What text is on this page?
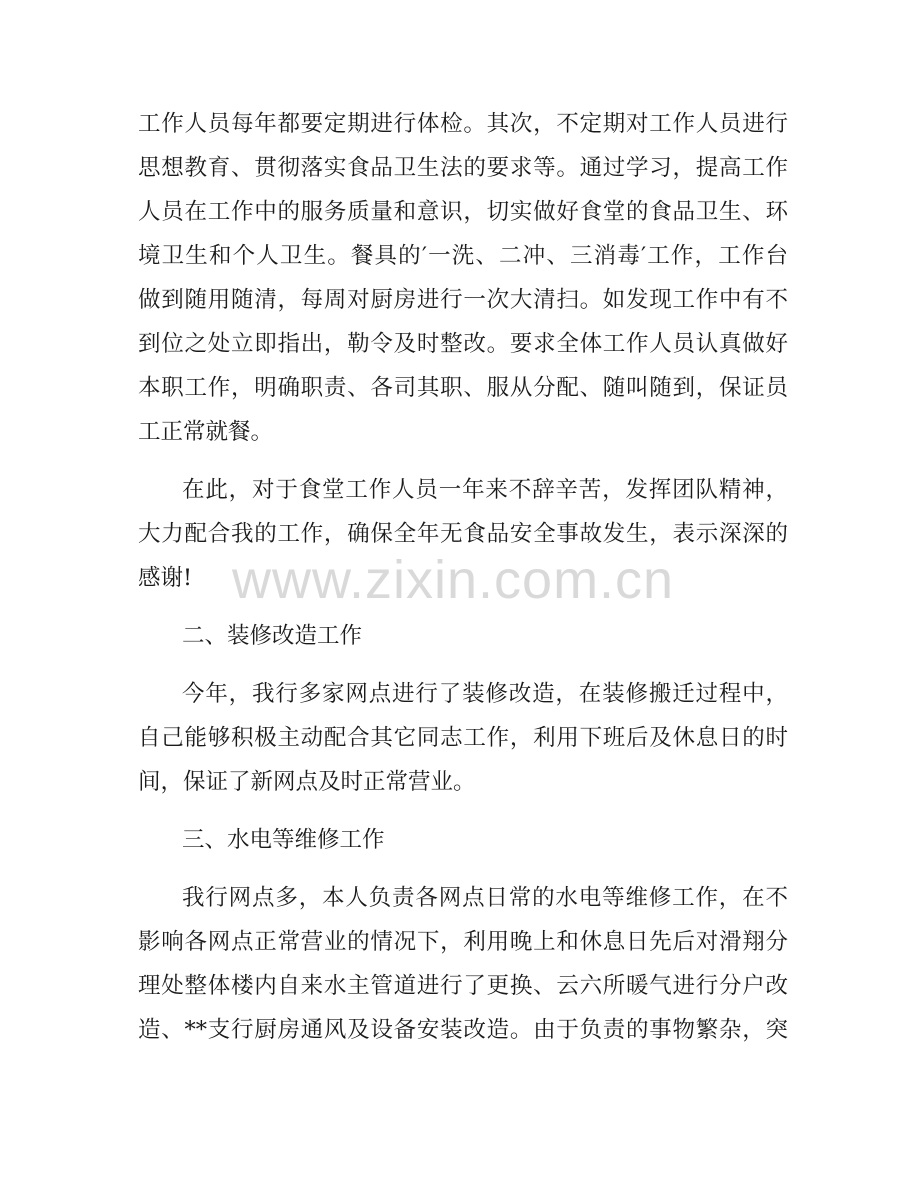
工作人员每年都要定期进行体检。其次，不定期对工作人员进行
思想教育、贯彻落实食品卫生法的要求等。通过学习，提高工作
人员在工作中的服务质量和意识，切实做好食堂的食品卫生、环
境卫生和个人卫生。餐具的′一洗、二冲、三消毒′工作，工作台
做到随用随清，每周对厨房进行一次大清扫。如发现工作中有不
到位之处立即指出，勒令及时整改。要求全体工作人员认真做好
本职工作，明确职责、各司其职、服从分配、随叫随到，保证员
工正常就餐。
在此，对于食堂工作人员一年来不辞辛苦，发挥团队精神，
大力配合我的工作，确保全年无食品安全事故发生，表示深深的
感谢!
二、装修改造工作
今年，我行多家网点进行了装修改造，在装修搬迁过程中，
自己能够积极主动配合其它同志工作，利用下班后及休息日的时
间，保证了新网点及时正常营业。
三、水电等维修工作
我行网点多，本人负责各网点日常的水电等维修工作，在不
影响各网点正常营业的情况下，利用晚上和休息日先后对滑翔分
理处整体楼内自来水主管道进行了更换、云六所暖气进行分户改
造、**支行厨房通风及设备安装改造。由于负责的事物繁杂，突
www.zixin.com.cn
